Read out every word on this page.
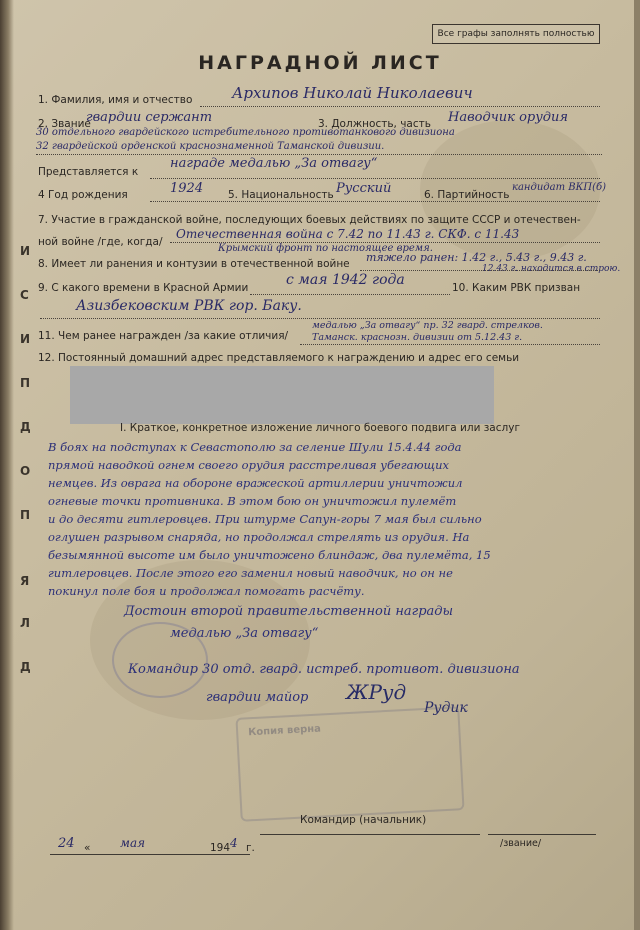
Все графы заполнять полностью
НАГРАДНОЙ ЛИСТ
Д
Л
Я
П
О
Д
П
И
С
И
1. Фамилия, имя и отчество	Архипов Николай Николаевич
2. Звание
гвардии сержант	3. Должность, часть Наводчик орудия
30 отдельного гвардейского истребительного противотанкового дивизиона
32 гвардейской орденской краснознаменной Таманской дивизии.
Представляется к
награде медалью „За отвагу“
4 Год рождения	1924 5. Национальность Русский	6. Партийность
кандидат ВКП(б)
7. Участие в гражданской войне, последующих боевых действиях по защите СССР и отечествен-
ной войне /где, когда/
Отечественная война с 7.42 по 11.43 г. СКФ. с 11.43
Крымский фронт по настоящее время.
8. Имеет ли ранения и контузии в отечественной войне тяжело ранен: 1.42 г., 5.43 г., 9.43 г.
12.43 г. находится в строю.
9. С какого времени в Красной Армии	с мая 1942 года	10. Каким РВК призван
Азизбековским РВК гор. Баку.
11. Чем ранее награжден /за какие отличия/
медалью „За отвагу“ пр. 32 гвард. стрелков.
Таманск. краснозн. дивизии от 5.12.43 г.
12. Постоянный домашний адрес представляемого к награждению и адрес его семьи
I. Краткое, конкретное изложение личного боевого подвига или заслуг
В боях на подступах к Севастополю за селение Шули 15.4.44 года
прямой наводкой огнем своего орудия расстреливая убегающих
немцев. Из оврага на обороне вражеской артиллерии уничтожил
огневые точки противника. В этом бою он уничтожил пулемёт
и до десяти гитлеровцев. При штурме Сапун-горы 7 мая был сильно
оглушен разрывом снаряда, но продолжал стрелять из орудия. На
безымянной высоте им было уничтожено блиндаж, два пулемёта, 15
гитлеровцев. После этого его заменил новый наводчик, но он не
покинул поле боя и продолжал помогать расчёту.
Достоин второй правительственной награды
медалью „За отвагу“
Командир 30 отд. гвард. истреб. противот. дивизиона
гвардии майор ЖРуд
Рудик
Копия верна
24 « мая	194 4 г.
Командир (начальник)
/звание/
